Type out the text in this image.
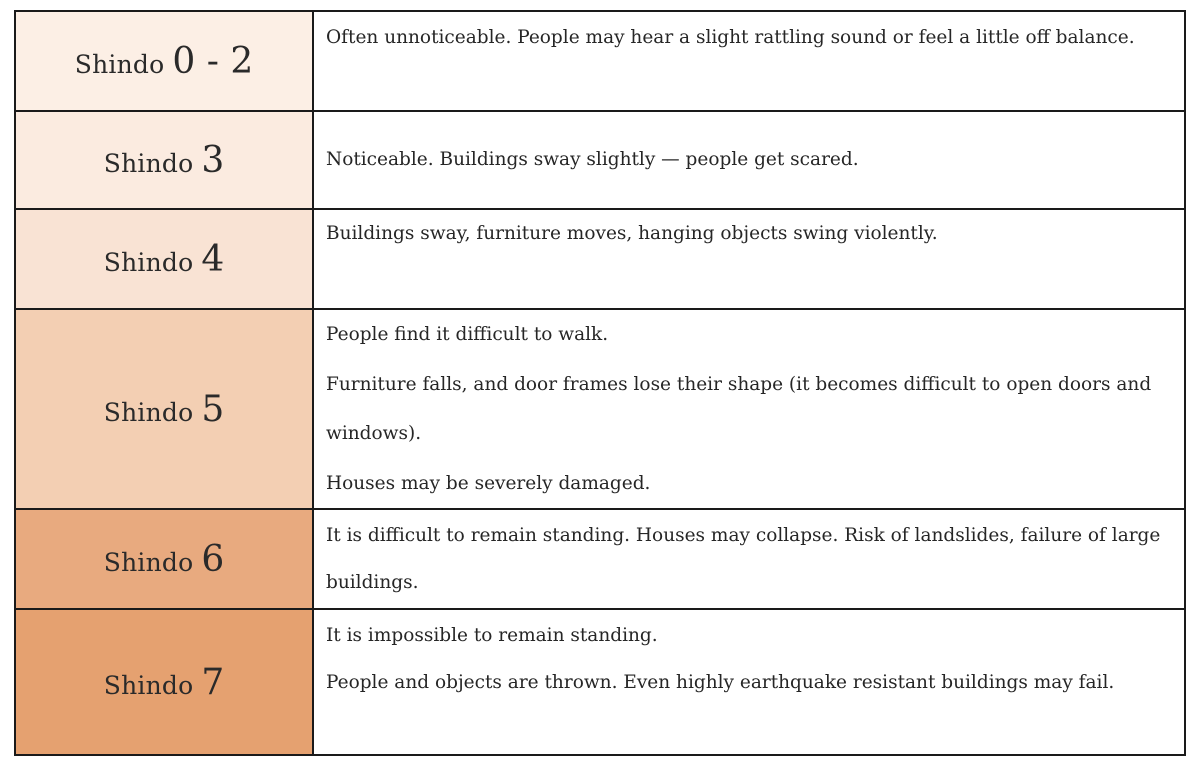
Shindo 0 - 2	Often unnoticeable. People may hear a slight rattling sound or feel a little off balance.

Shindo 3	Noticeable. Buildings sway slightly — people get scared.

Shindo 4	Buildings sway, furniture moves, hanging objects swing violently.

Shindo 5	People find it difficult to walk.
Furniture falls, and door frames lose their shape (it becomes difficult to open doors and windows).
Houses may be severely damaged.

Shindo 6	It is difficult to remain standing. Houses may collapse. Risk of landslides, failure of large buildings.

Shindo 7	It is impossible to remain standing.
People and objects are thrown. Even highly earthquake resistant buildings may fail.
